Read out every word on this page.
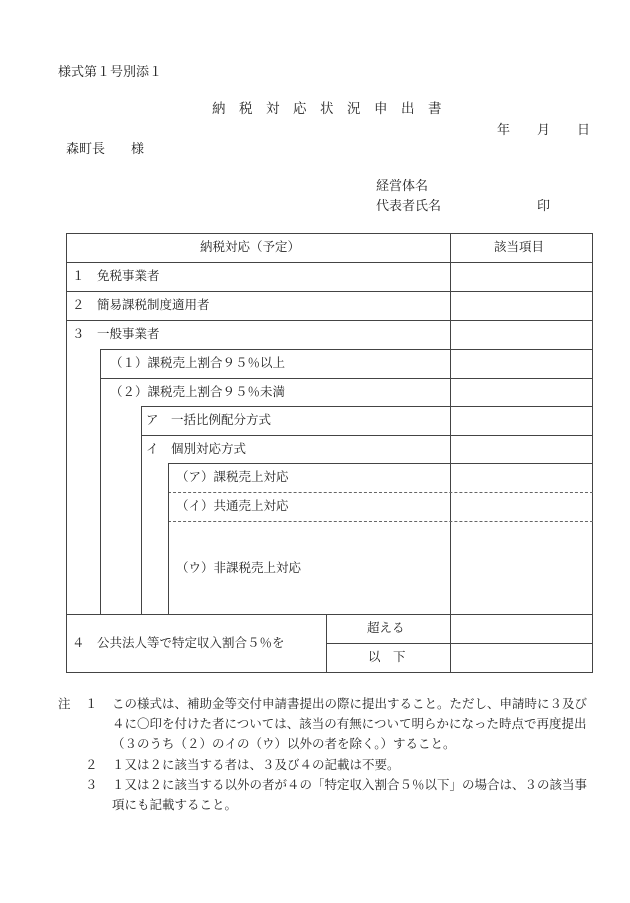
様式第１号別添１
納　税　対　応　状　況　申　出　書
年 月 日
森町長　　様
経営体名
代表者氏名	印
納税対応（予定）	該当項目
１　免税事業者
２　簡易課税制度適用者
３　一般事業者
（１）課税売上割合９５％以上
（２）課税売上割合９５％未満
ア　一括比例配分方式
イ　個別対応方式
（ア）課税売上対応
（イ）共通売上対応
（ウ）非課税売上対応
４　公共法人等で特定収入割合５％を
超える
以　下
注 １	この様式は、補助金等交付申請書提出の際に提出すること。ただし、申請時に３及び４に〇印を付けた者については、該当の有無について明らかになった時点で再度提出（３のうち（２）のイの（ウ）以外の者を除く。）すること。
２ １又は２に該当する者は、３及び４の記載は不要。
３	１又は２に該当する以外の者が４の「特定収入割合５％以下」の場合は、３の該当事項にも記載すること。
